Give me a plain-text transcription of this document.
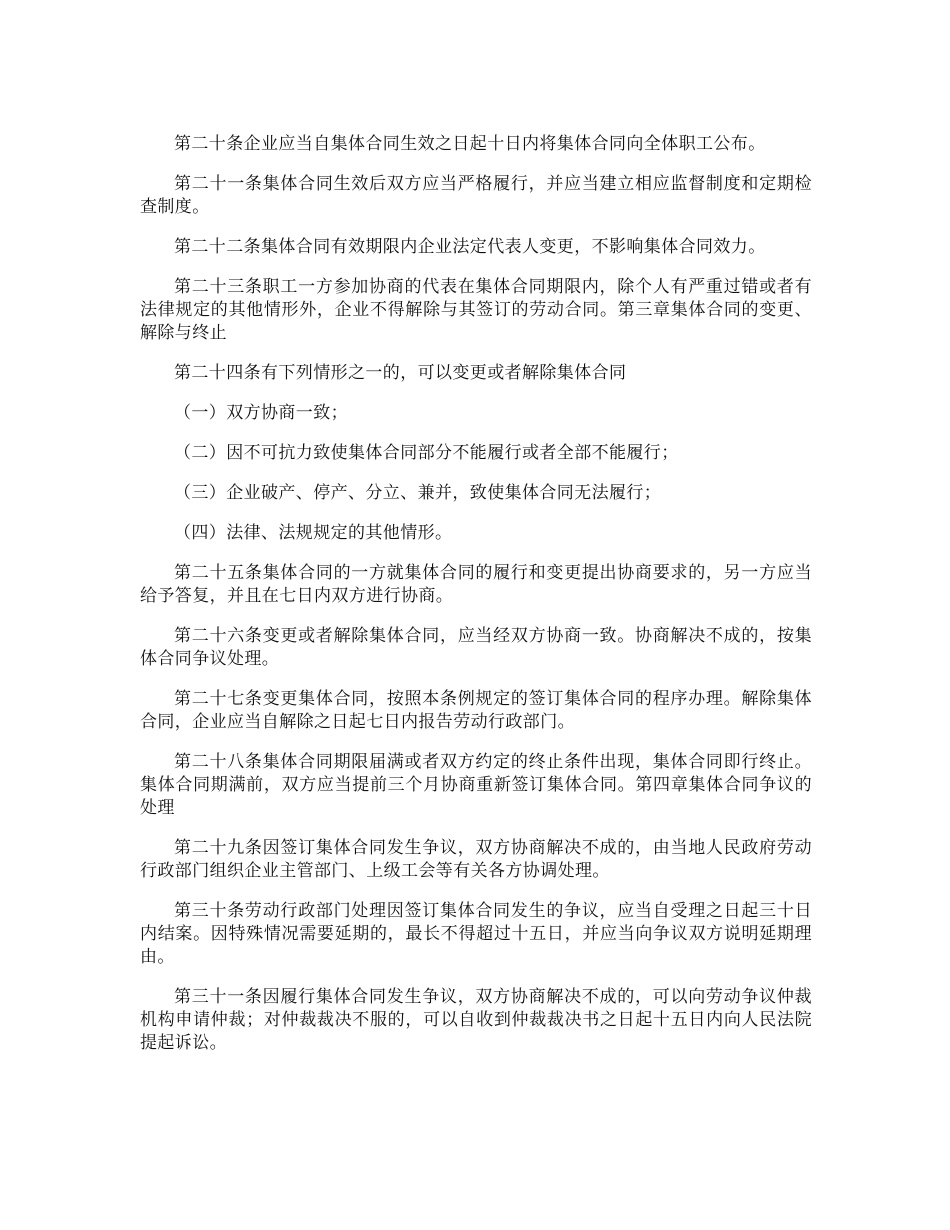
第二十条企业应当自集体合同生效之日起十日内将集体合同向全体职工公布。

第二十一条集体合同生效后双方应当严格履行，并应当建立相应监督制度和定期检查制度。

第二十二条集体合同有效期限内企业法定代表人变更，不影响集体合同效力。

第二十三条职工一方参加协商的代表在集体合同期限内，除个人有严重过错或者有法律规定的其他情形外，企业不得解除与其签订的劳动合同。第三章集体合同的变更、解除与终止

第二十四条有下列情形之一的，可以变更或者解除集体合同

（一）双方协商一致；

（二）因不可抗力致使集体合同部分不能履行或者全部不能履行；

（三）企业破产、停产、分立、兼并，致使集体合同无法履行；

（四）法律、法规规定的其他情形。

第二十五条集体合同的一方就集体合同的履行和变更提出协商要求的，另一方应当给予答复，并且在七日内双方进行协商。

第二十六条变更或者解除集体合同，应当经双方协商一致。协商解决不成的，按集体合同争议处理。

第二十七条变更集体合同，按照本条例规定的签订集体合同的程序办理。解除集体合同，企业应当自解除之日起七日内报告劳动行政部门。

第二十八条集体合同期限届满或者双方约定的终止条件出现，集体合同即行终止。集体合同期满前，双方应当提前三个月协商重新签订集体合同。第四章集体合同争议的处理

第二十九条因签订集体合同发生争议，双方协商解决不成的，由当地人民政府劳动行政部门组织企业主管部门、上级工会等有关各方协调处理。

第三十条劳动行政部门处理因签订集体合同发生的争议，应当自受理之日起三十日内结案。因特殊情况需要延期的，最长不得超过十五日，并应当向争议双方说明延期理由。

第三十一条因履行集体合同发生争议，双方协商解决不成的，可以向劳动争议仲裁机构申请仲裁；对仲裁裁决不服的，可以自收到仲裁裁决书之日起十五日内向人民法院提起诉讼。
